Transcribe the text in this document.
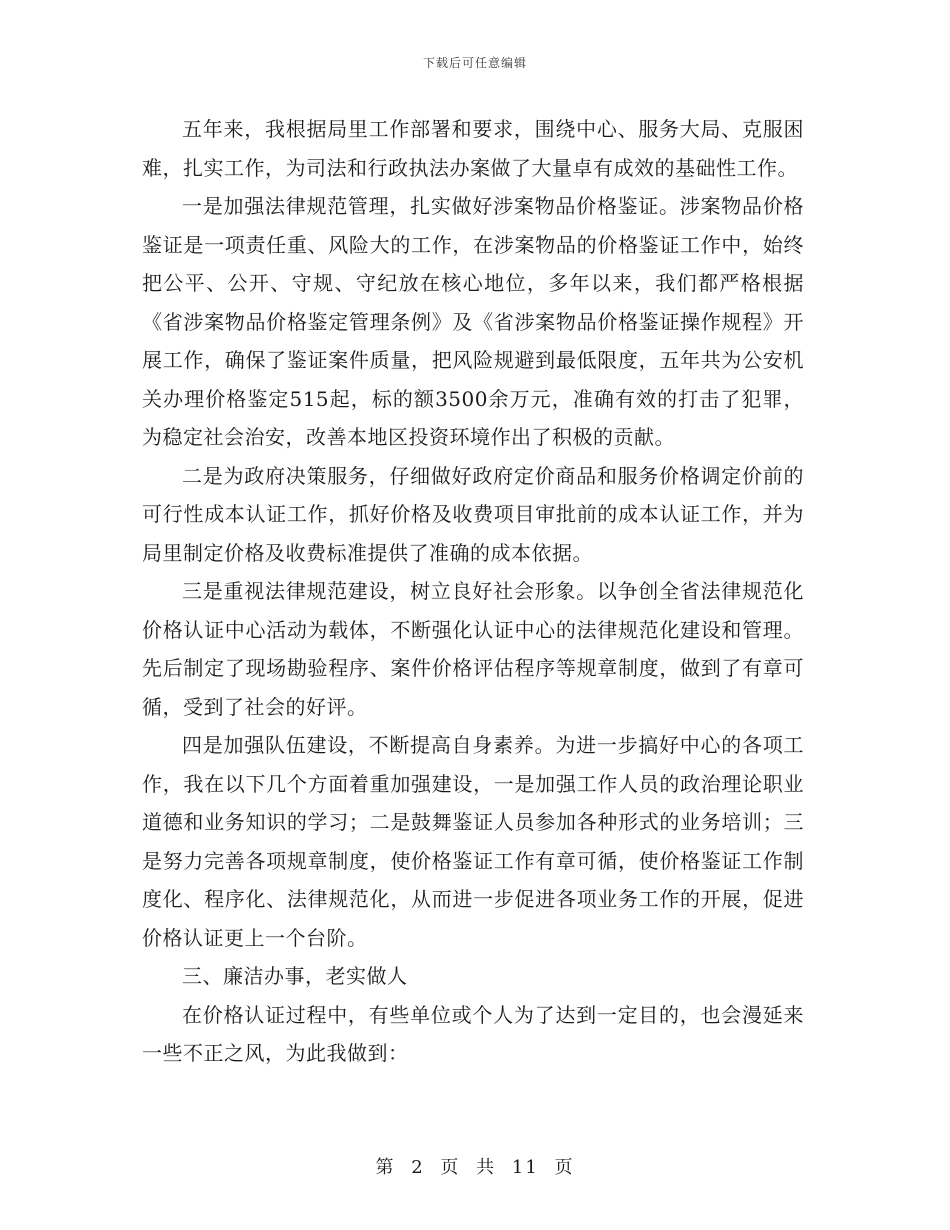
下载后可任意编辑

五年来，我根据局里工作部署和要求，围绕中心、服务大局、克服困难，扎实工作，为司法和行政执法办案做了大量卓有成效的基础性工作。

一是加强法律规范管理，扎实做好涉案物品价格鉴证。涉案物品价格鉴证是一项责任重、风险大的工作，在涉案物品的价格鉴证工作中，始终把公平、公开、守规、守纪放在核心地位，多年以来，我们都严格根据《省涉案物品价格鉴定管理条例》及《省涉案物品价格鉴证操作规程》开展工作，确保了鉴证案件质量，把风险规避到最低限度，五年共为公安机关办理价格鉴定515起，标的额3500余万元，准确有效的打击了犯罪，为稳定社会治安，改善本地区投资环境作出了积极的贡献。

二是为政府决策服务，仔细做好政府定价商品和服务价格调定价前的可行性成本认证工作，抓好价格及收费项目审批前的成本认证工作，并为局里制定价格及收费标准提供了准确的成本依据。

三是重视法律规范建设，树立良好社会形象。以争创全省法律规范化价格认证中心活动为载体，不断强化认证中心的法律规范化建设和管理。先后制定了现场勘验程序、案件价格评估程序等规章制度，做到了有章可循，受到了社会的好评。

四是加强队伍建设，不断提高自身素养。为进一步搞好中心的各项工作，我在以下几个方面着重加强建设，一是加强工作人员的政治理论职业道德和业务知识的学习；二是鼓舞鉴证人员参加各种形式的业务培训；三是努力完善各项规章制度，使价格鉴证工作有章可循，使价格鉴证工作制度化、程序化、法律规范化，从而进一步促进各项业务工作的开展，促进价格认证更上一个台阶。

三、廉洁办事，老实做人

在价格认证过程中，有些单位或个人为了达到一定目的，也会漫延来一些不正之风，为此我做到：

第 2 页 共 11 页
